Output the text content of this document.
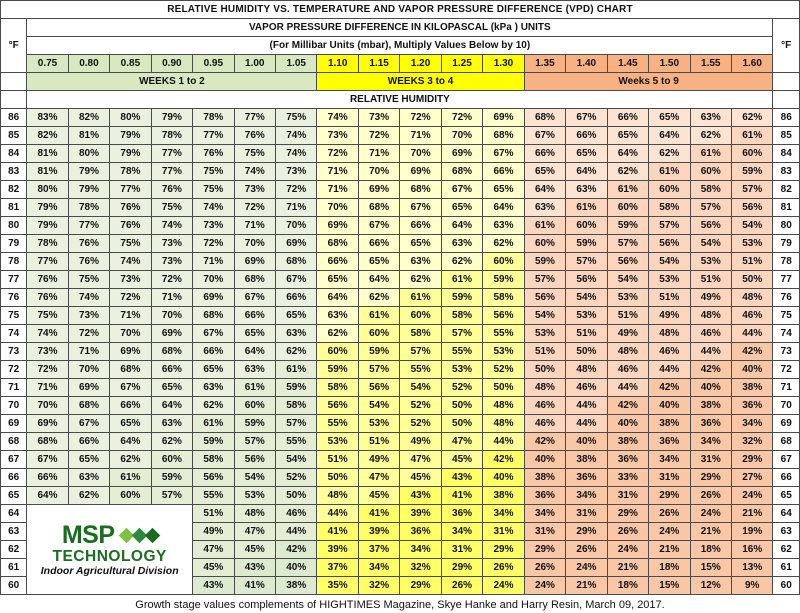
RELATIVE HUMIDITY VS. TEMPERATURE AND VAPOR PRESSURE DIFFERENCE (VPD) CHART																			
°F	VAPOR PRESSURE DIFFERENCE IN KILOPASCAL (kPa ) UNITS																		°F
	(For Millibar Units (mbar), Multiply Values Below by 10)																		
	0.75	0.80	0.85	0.90	0.95	1.00	1.05	1.10	1.15	1.20	1.25	1.30	1.35	1.40	1.45	1.50	1.55	1.60	
	WEEKS 1 to 2							WEEKS 3 to 4					Weeks 5 to 9						
	RELATIVE HUMIDITY																		
86	83%	82%	80%	79%	78%	77%	75%	74%	73%	72%	72%	69%	68%	67%	66%	65%	63%	62%	86
85	82%	81%	79%	78%	77%	76%	74%	73%	72%	71%	70%	68%	67%	66%	65%	64%	62%	61%	85
84	81%	80%	79%	77%	76%	75%	74%	72%	71%	70%	69%	67%	66%	65%	64%	62%	61%	60%	84
83	81%	79%	78%	77%	75%	74%	73%	71%	70%	69%	68%	66%	65%	64%	62%	61%	60%	59%	83
82	80%	79%	77%	76%	75%	73%	72%	71%	69%	68%	67%	65%	64%	63%	61%	60%	58%	57%	82
81	79%	78%	76%	75%	74%	72%	71%	70%	68%	67%	65%	64%	63%	61%	60%	58%	57%	56%	81
80	79%	77%	76%	74%	73%	71%	70%	69%	67%	66%	64%	63%	61%	60%	59%	57%	56%	54%	80
79	78%	76%	75%	73%	72%	70%	69%	68%	66%	65%	63%	62%	60%	59%	57%	56%	54%	53%	79
78	77%	76%	74%	73%	71%	69%	68%	66%	65%	63%	62%	60%	59%	57%	56%	54%	53%	51%	78
77	76%	75%	73%	72%	70%	68%	67%	65%	64%	62%	61%	59%	57%	56%	54%	53%	51%	50%	77
76	76%	74%	72%	71%	69%	67%	66%	64%	62%	61%	59%	58%	56%	54%	53%	51%	49%	48%	76
75	75%	73%	71%	70%	68%	66%	65%	63%	61%	60%	58%	56%	54%	53%	51%	49%	48%	46%	75
74	74%	72%	70%	69%	67%	65%	63%	62%	60%	58%	57%	55%	53%	51%	49%	48%	46%	44%	74
73	73%	71%	69%	68%	66%	64%	62%	60%	59%	57%	55%	53%	51%	50%	48%	46%	44%	42%	73
72	72%	70%	68%	66%	65%	63%	61%	59%	57%	55%	53%	52%	50%	48%	46%	44%	42%	40%	72
71	71%	69%	67%	65%	63%	61%	59%	58%	56%	54%	52%	50%	48%	46%	44%	42%	40%	38%	71
70	70%	68%	66%	64%	62%	60%	58%	56%	54%	52%	50%	48%	46%	44%	42%	40%	38%	36%	70
69	69%	67%	65%	63%	61%	59%	57%	55%	53%	52%	50%	48%	46%	44%	40%	38%	36%	34%	69
68	68%	66%	64%	62%	59%	57%	55%	53%	51%	49%	47%	44%	42%	40%	38%	36%	34%	32%	68
67	67%	65%	62%	60%	58%	56%	54%	51%	49%	47%	45%	42%	40%	38%	36%	34%	31%	29%	67
66	66%	63%	61%	59%	56%	54%	52%	50%	47%	45%	43%	40%	38%	36%	33%	31%	29%	27%	66
65	64%	62%	60%	57%	55%	53%	50%	48%	45%	43%	41%	38%	36%	34%	31%	29%	26%	24%	65
64	MSP
TECHNOLOGY
Indoor Agricultural Division				51%	48%	46%	44%	41%	39%	36%	34%	34%	31%	29%	26%	24%	21%	64
63					49%	47%	44%	41%	39%	36%	34%	31%	31%	29%	26%	24%	21%	19%	63
62					47%	45%	42%	39%	37%	34%	31%	29%	29%	26%	24%	21%	18%	16%	62
61					45%	43%	40%	37%	34%	32%	29%	26%	26%	24%	21%	18%	15%	13%	61
60					43%	41%	38%	35%	32%	29%	26%	24%	24%	21%	18%	15%	12%	9%	60
Growth stage values complements of HIGHTIMES Magazine, Skye Hanke and Harry Resin, March 09, 2017.
